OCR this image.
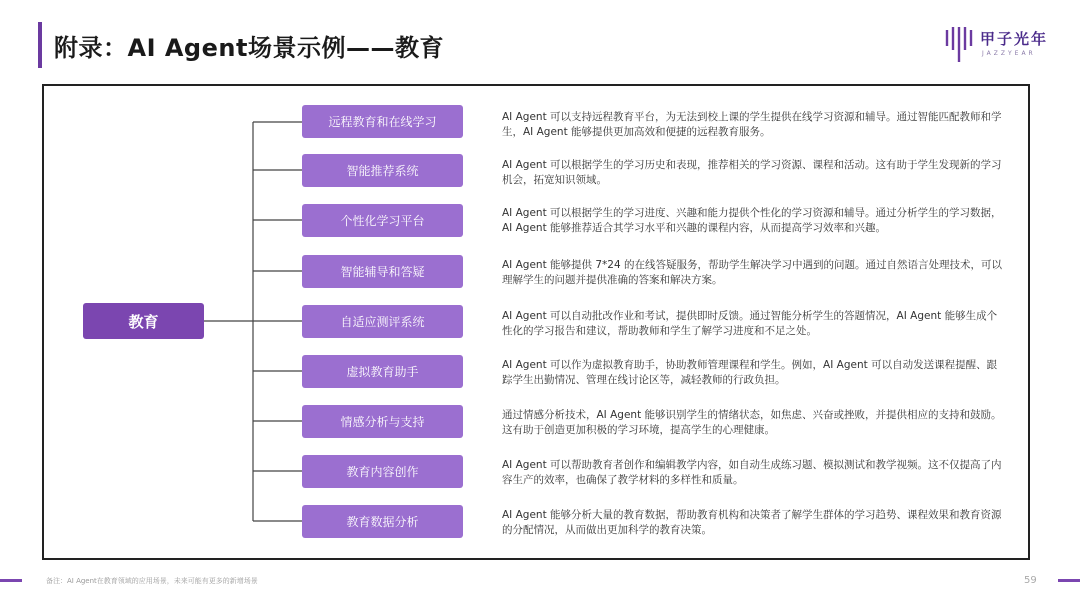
附录：AI Agent场景示例——教育	甲子光年
JAZZYEAR
教育
远程教育和在线学习
智能推荐系统
个性化学习平台
智能辅导和答疑
自适应测评系统
虚拟教育助手
情感分析与支持
教育内容创作
教育数据分析
AI Agent 可以支持远程教育平台，为无法到校上课的学生提供在线学习资源和辅导。通过智能匹配教师和学生，AI Agent 能够提供更加高效和便捷的远程教育服务。
AI Agent 可以根据学生的学习历史和表现，推荐相关的学习资源、课程和活动。这有助于学生发现新的学习机会，拓宽知识领域。
AI Agent 可以根据学生的学习进度、兴趣和能力提供个性化的学习资源和辅导。通过分析学生的学习数据，AI Agent 能够推荐适合其学习水平和兴趣的课程内容，从而提高学习效率和兴趣。
AI Agent 能够提供 7*24 的在线答疑服务，帮助学生解决学习中遇到的问题。通过自然语言处理技术，可以理解学生的问题并提供准确的答案和解决方案。
AI Agent 可以自动批改作业和考试，提供即时反馈。通过智能分析学生的答题情况，AI Agent 能够生成个性化的学习报告和建议，帮助教师和学生了解学习进度和不足之处。
AI Agent 可以作为虚拟教育助手，协助教师管理课程和学生。例如，AI Agent 可以自动发送课程提醒、跟踪学生出勤情况、管理在线讨论区等，减轻教师的行政负担。
通过情感分析技术，AI Agent 能够识别学生的情绪状态，如焦虑、兴奋或挫败，并提供相应的支持和鼓励。这有助于创造更加积极的学习环境，提高学生的心理健康。
AI Agent 可以帮助教育者创作和编辑教学内容，如自动生成练习题、模拟测试和教学视频。这不仅提高了内容生产的效率，也确保了教学材料的多样性和质量。
AI Agent 能够分析大量的教育数据，帮助教育机构和决策者了解学生群体的学习趋势、课程效果和教育资源的分配情况，从而做出更加科学的教育决策。
备注：AI Agent在教育领域的应用场景，未来可能有更多的新增场景	59
